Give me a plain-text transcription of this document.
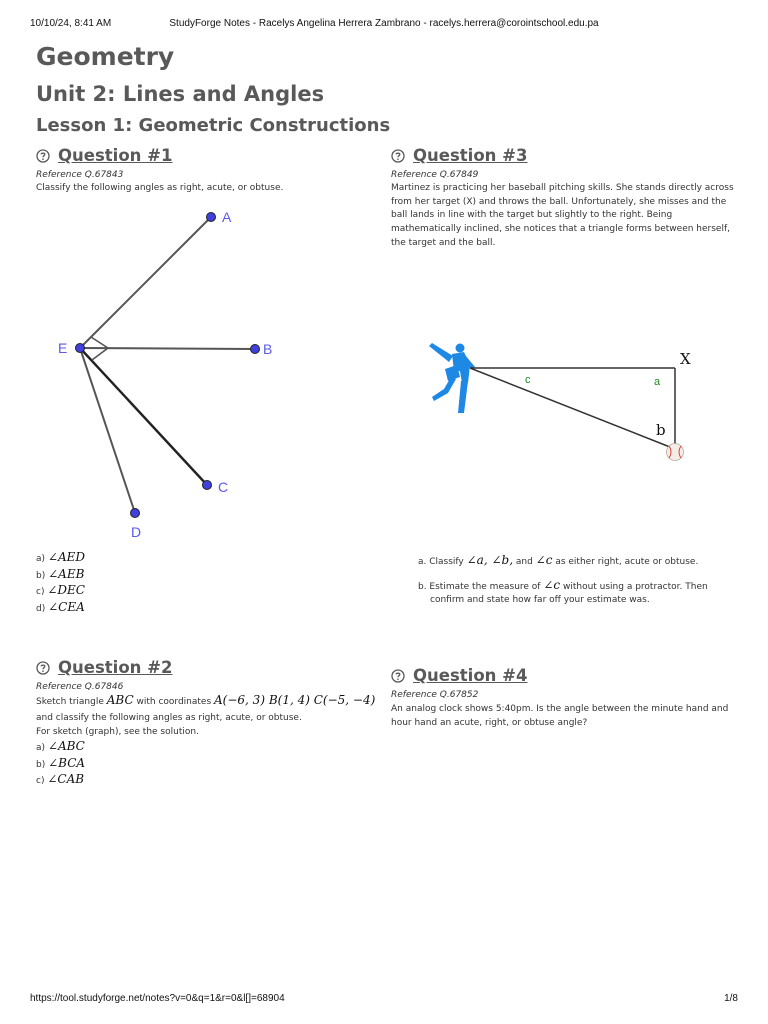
10/10/24, 8:41 AM	StudyForge Notes - Racelys Angelina Herrera Zambrano - racelys.herrera@corointschool.edu.pa
Geometry
Unit 2: Lines and Angles
Lesson 1: Geometric Constructions
Question #1
Reference Q.67843
Classify the following angles as right, acute, or obtuse.
A
B
C
D
E
a) ∠AED
b) ∠AEB
c) ∠DEC
d) ∠CEA
Question #2
Reference Q.67846
Sketch triangle ABC with coordinates A(−6, 3) B(1, 4) C(−5, −4)
and classify the following angles as right, acute, or obtuse.
For sketch (graph), see the solution.
a) ∠ABC
b) ∠BCA
c) ∠CAB
Question #3
Reference Q.67849
Martinez is practicing her baseball pitching skills. She stands directly across from her target (X) and throws the ball. Unfortunately, she misses and the ball lands in line with the target but slightly to the right. Being mathematically inclined, she notices that a triangle forms between herself, the target and the ball.
X
a
b
c
a. Classify ∠a, ∠b, and ∠c as either right, acute or obtuse.
b. Estimate the measure of ∠c without using a protractor. Then
confirm and state how far off your estimate was.
Question #4
Reference Q.67852
An analog clock shows 5:40pm. Is the angle between the minute hand and hour hand an acute, right, or obtuse angle?
https://tool.studyforge.net/notes?v=0&q=1&r=0&l[]=68904	1/8
